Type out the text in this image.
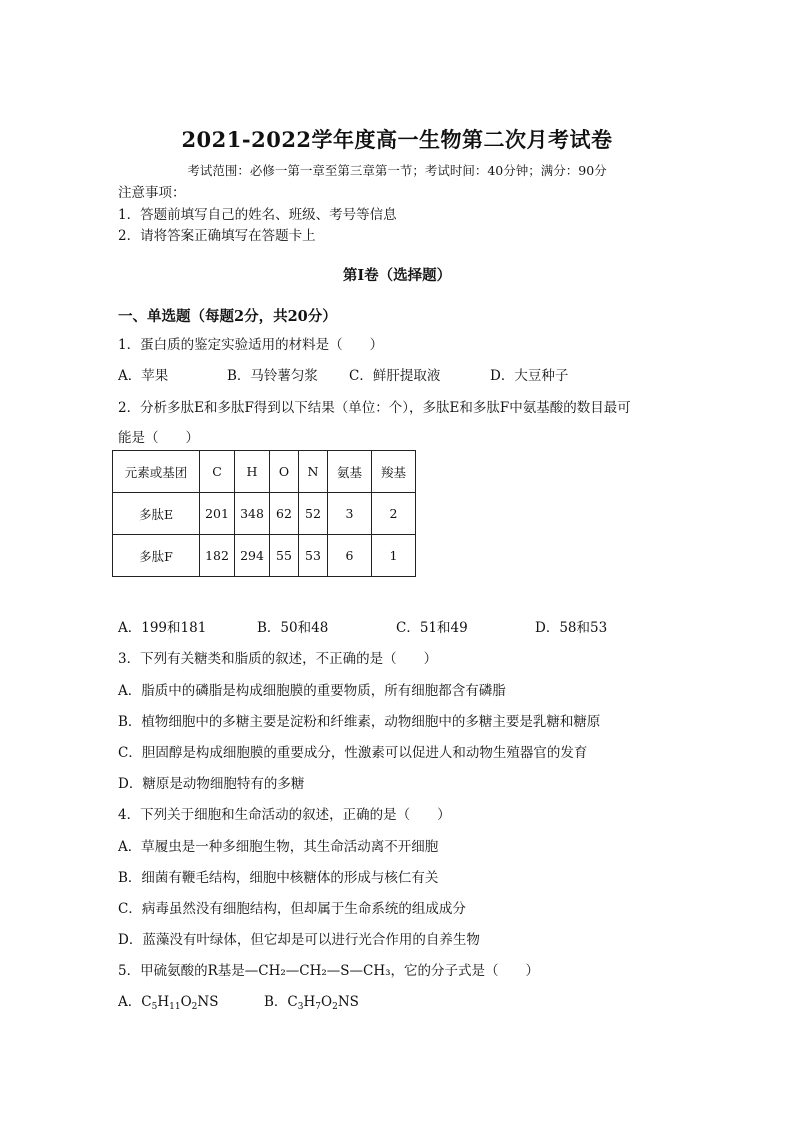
2021-2022学年度高一生物第二次月考试卷
考试范围：必修一第一章至第三章第一节；考试时间：40分钟；满分：90分
注意事项：
1．答题前填写自己的姓名、班级、考号等信息
2．请将答案正确填写在答题卡上
第I卷（选择题）
一、单选题（每题2分，共20分）
1．蛋白质的鉴定实验适用的材料是（　　）
A．苹果	B．马铃薯匀浆 C．鲜肝提取液	D．大豆种子
2．分析多肽E和多肽F得到以下结果（单位：个），多肽E和多肽F中氨基酸的数目最可
能是（　　）
元素或基团	C	H	O	N	氨基	羧基
多肽E	201	348	62	52	3	2
多肽F	182	294	55	53	6	1
A．199和181	B．50和48	C．51和49	D．58和53
3．下列有关糖类和脂质的叙述，不正确的是（　　）
A．脂质中的磷脂是构成细胞膜的重要物质，所有细胞都含有磷脂
B．植物细胞中的多糖主要是淀粉和纤维素，动物细胞中的多糖主要是乳糖和糖原
C．胆固醇是构成细胞膜的重要成分，性激素可以促进人和动物生殖器官的发育
D．糖原是动物细胞特有的多糖
4．下列关于细胞和生命活动的叙述，正确的是（　　）
A．草履虫是一种多细胞生物，其生命活动离不开细胞
B．细菌有鞭毛结构，细胞中核糖体的形成与核仁有关
C．病毒虽然没有细胞结构，但却属于生命系统的组成成分
D．蓝藻没有叶绿体，但它却是可以进行光合作用的自养生物
5．甲硫氨酸的R基是—CH₂—CH₂—S—CH₃，它的分子式是（　　）
A．$C_5H_{11}O_2NS$	B．$C_3H_7O_2NS$
